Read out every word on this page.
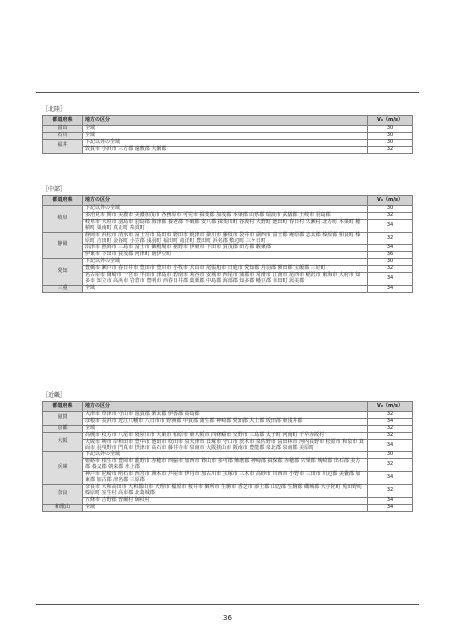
［北陸］
都道府県	地方の区分	V₀（m/s）
富山	全域	30
石川	全域	30
福井	下記以外の全域	30
	敦賀市 小浜市 三方郡 遠敷郡 大飯郡	32
［中部］
都道府県	地方の区分	V₀（m/s）
岐阜	下記以外の全域	30
	多治見市 関市 美濃市 美濃加茂市 各務原市 可児市 揖斐郡 加茂郡 本巣郡 山県郡 瑞浪市 武儀郡 土岐市 羽島郡	32
	岐阜市 大垣市 羽島市 羽島郡 海津郡 養老郡 不破郡 安八郡 揖斐川町 谷汲村 大野町 池田町 春日村 久瀬村 北方町 本巣町 穂積町 巣南町 真正町 糸貫町	34
静岡	静岡市 浜松市 清水市 富士宮市 島田市 磐田市 焼津市 掛川市 藤枝市 袋井市 湖西市 富士郡 庵原郡 志太郡 榛原郡 相良町 榛原町 吉田町 金谷町 小笠郡 浅羽町 福田町 竜洋町 豊田町 浜名郡 敷辺町 三ケ日町	32
	沼津市 熱海市 三島市 富士市 御殿場市 裾野市 伊東市 下田市 賀茂郡 田方郡 駿東郡	34
	伊東市 下田市 賀茂郡 河津町 南伊豆町	36
愛知	下記以外の全域	30
	豊橋市 瀬戸市 春日井市 豊田市 豊川市 小牧市 犬山市 尾張旭市 日進市 愛知郡 丹羽郡 額田郡 宝飯郡 三好町	32
	名古屋市 岡崎市 一宮市 半田市 津島市 碧南市 刈谷市 安城市 西尾市 蒲郡市 常滑市 江南市 尾西市 稲沢市 東海市 大府市 知多市 知立市 高浜市 岩倉市 豊明市 西春日井郡 葉栗郡 中島郡 海部郡 知多郡 幡豆郡 幸田町 渥美郡	34
三重	全域	34
［近畿］
都道府県	地方の区分	V₀（m/s）
滋賀	大津市 草津市 守山市 滋賀郡 栗太郡 伊香郡 高島郡	32
	彦根市 長浜市 近江八幡市 八日市市 野洲郡 甲賀郡 蒲生郡 神崎郡 愛知郡 犬上郡 坂田郡 東浅井郡	34
京都	全域	32
大阪	高槻市 枚方市 八尾市 寝屋川市 大東市 柏原市 東大阪市 四條畷市 交野市 三島郡 太子町 河南町 千早赤阪村	32
	大阪市 堺市 岸和田市 豊中市 池田市 吹田市 泉大津市 貝塚市 守口市 茨木市 泉佐野市 富田林市 河内長野市 松原市 和泉市 箕面市 羽曳野市 門真市 摂津市 高石市 藤井寺市 泉南市 大阪狭山市 阪南市 豊能郡 泉北郡 泉南郡 美原町	34
兵庫	下記以外の全域	30
	姫路市 相生市 豊岡市 龍野市 赤穂市 西脇市 加西市 篠山市 多可郡 飾磨郡 神崎郡 揖保郡 赤穂郡 宍粟郡 城崎郡 出石郡 美方郡 養父郡 朝来郡 氷上郡	32
	神戸市 尼崎市 明石市 西宮市 洲本市 芦屋市 伊丹市 加古川市 宝塚市 三木市 高砂市 川西市 小野市 三田市 川辺郡 美嚢郡 加東郡 加古郡 津名郡 三原郡	34
奈良	奈良市 大和高田市 大和郡山市 天理市 橿原市 桜井市 御所市 生駒市 香芝市 添上郡 山辺郡 生駒郡 磯城郡 大宇陀町 菟田野町 榛原町 室生村 高市郡 北葛城郡	32
	五條市 吉野郡 曽爾村 御杖村	34
和歌山	全域	34
36
